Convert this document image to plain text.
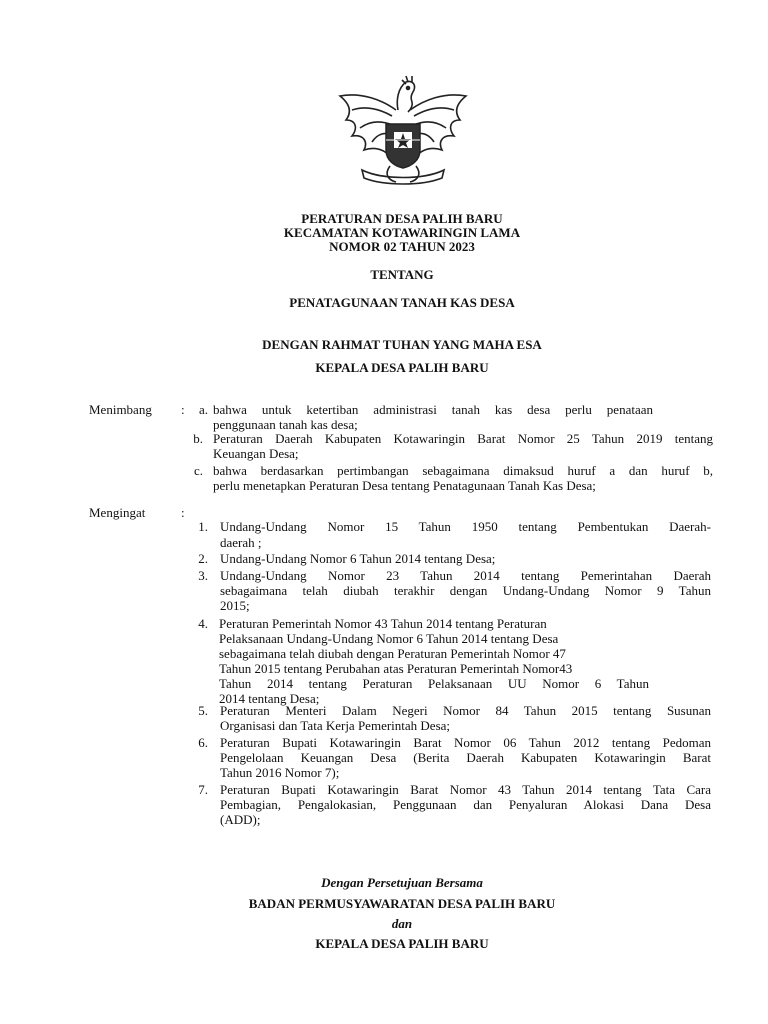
PERATURAN DESA PALIH BARU
KECAMATAN KOTAWARINGIN LAMA
NOMOR 02 TAHUN 2023
TENTANG
PENATAGUNAAN TANAH KAS DESA
DENGAN RAHMAT TUHAN YANG MAHA ESA
KEPALA DESA PALIH BARU
Menimbang :	a. bahwa untuk ketertiban administrasi tanah kas desa perlu penataan
penggunaan tanah kas desa;
b. Peraturan Daerah Kabupaten Kotawaringin Barat Nomor 25 Tahun 2019 tentang
Keuangan Desa;
c. bahwa berdasarkan pertimbangan sebagaimana dimaksud huruf a dan huruf b,
perlu menetapkan Peraturan Desa tentang Penatagunaan Tanah Kas Desa;
Mengingat	:
1. Undang-Undang Nomor 15 Tahun 1950 tentang Pembentukan Daerah-
daerah ;
2. Undang-Undang Nomor 6 Tahun 2014 tentang Desa;
3. Undang-Undang Nomor 23 Tahun 2014 tentang Pemerintahan Daerah
sebagaimana telah diubah terakhir dengan Undang-Undang Nomor 9 Tahun
2015;
4. Peraturan Pemerintah Nomor 43 Tahun 2014 tentang Peraturan
Pelaksanaan Undang-Undang Nomor 6 Tahun 2014 tentang Desa
sebagaimana telah diubah dengan Peraturan Pemerintah Nomor 47
Tahun 2015 tentang Perubahan atas Peraturan Pemerintah Nomor43
Tahun 2014 tentang Peraturan Pelaksanaan UU Nomor 6 Tahun
2014 tentang Desa;
5. Peraturan Menteri Dalam Negeri Nomor 84 Tahun 2015 tentang Susunan
Organisasi dan Tata Kerja Pemerintah Desa;
6. Peraturan Bupati Kotawaringin Barat Nomor 06 Tahun 2012 tentang Pedoman
Pengelolaan Keuangan Desa (Berita Daerah Kabupaten Kotawaringin Barat
Tahun 2016 Nomor 7);
7. Peraturan Bupati Kotawaringin Barat Nomor 43 Tahun 2014 tentang Tata Cara
Pembagian, Pengalokasian, Penggunaan dan Penyaluran Alokasi Dana Desa
(ADD);
Dengan Persetujuan Bersama
BADAN PERMUSYAWARATAN DESA PALIH BARU
dan
KEPALA DESA PALIH BARU
